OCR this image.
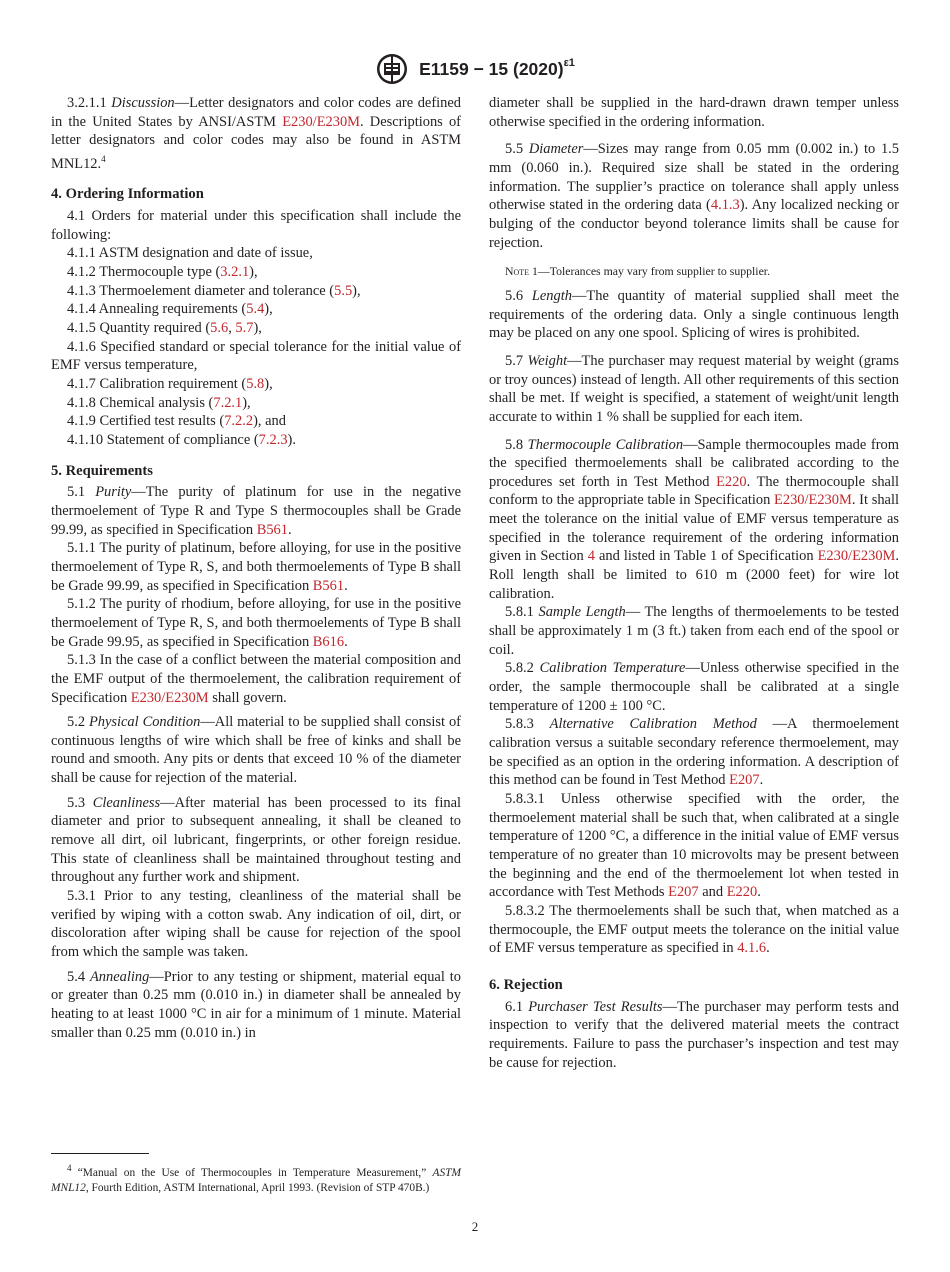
E1159 − 15 $(2020)^{\varepsilon 1}$

3.2.1.1 Discussion—Letter designators and color codes are defined in the United States by ANSI/ASTM E230/E230M. Descriptions of letter designators and color codes may also be found in ASTM MNL12.$^4$

4. Ordering Information

4.1 Orders for material under this specification shall include the following:

4.1.1 ASTM designation and date of issue,

4.1.2 Thermocouple type (3.2.1),

4.1.3 Thermoelement diameter and tolerance (5.5),

4.1.4 Annealing requirements (5.4),

4.1.5 Quantity required (5.6, 5.7),

4.1.6 Specified standard or special tolerance for the initial value of EMF versus temperature,

4.1.7 Calibration requirement (5.8),

4.1.8 Chemical analysis (7.2.1),

4.1.9 Certified test results (7.2.2), and

4.1.10 Statement of compliance (7.2.3).

5. Requirements

5.1 Purity—The purity of platinum for use in the negative thermoelement of Type R and Type S thermocouples shall be Grade 99.99, as specified in Specification B561.

5.1.1 The purity of platinum, before alloying, for use in the positive thermoelement of Type R, S, and both thermoelements of Type B shall be Grade 99.99, as specified in Specification B561.

5.1.2 The purity of rhodium, before alloying, for use in the positive thermoelement of Type R, S, and both thermoelements of Type B shall be Grade 99.95, as specified in Specification B616.

5.1.3 In the case of a conflict between the material composition and the EMF output of the thermoelement, the calibration requirement of Specification E230/E230M shall govern.

5.2 Physical Condition—All material to be supplied shall consist of continuous lengths of wire which shall be free of kinks and shall be round and smooth. Any pits or dents that exceed 10 % of the diameter shall be cause for rejection of the material.

5.3 Cleanliness—After material has been processed to its final diameter and prior to subsequent annealing, it shall be cleaned to remove all dirt, oil lubricant, fingerprints, or other foreign residue. This state of cleanliness shall be maintained throughout testing and throughout any further work and shipment.

5.3.1 Prior to any testing, cleanliness of the material shall be verified by wiping with a cotton swab. Any indication of oil, dirt, or discoloration after wiping shall be cause for rejection of the spool from which the sample was taken.

5.4 Annealing—Prior to any testing or shipment, material equal to or greater than 0.25 mm (0.010 in.) in diameter shall be annealed by heating to at least 1000 °C in air for a minimum of 1 minute. Material smaller than 0.25 mm (0.010 in.) in

diameter shall be supplied in the hard-drawn drawn temper unless otherwise specified in the ordering information.

5.5 Diameter—Sizes may range from 0.05 mm (0.002 in.) to 1.5 mm (0.060 in.). Required size shall be stated in the ordering information. The supplier’s practice on tolerance shall apply unless otherwise stated in the ordering data (4.1.3). Any localized necking or bulging of the conductor beyond tolerance limits shall be cause for rejection.

Note 1—Tolerances may vary from supplier to supplier.

5.6 Length—The quantity of material supplied shall meet the requirements of the ordering data. Only a single continuous length may be placed on any one spool. Splicing of wires is prohibited.

5.7 Weight—The purchaser may request material by weight (grams or troy ounces) instead of length. All other requirements of this section shall be met. If weight is specified, a statement of weight/unit length accurate to within 1 % shall be supplied for each item.

5.8 Thermocouple Calibration—Sample thermocouples made from the specified thermoelements shall be calibrated according to the procedures set forth in Test Method E220. The thermocouple shall conform to the appropriate table in Specification E230/E230M. It shall meet the tolerance on the initial value of EMF versus temperature as specified in the tolerance requirement of the ordering information given in Section 4 and listed in Table 1 of Specification E230/E230M. Roll length shall be limited to 610 m (2000 feet) for wire lot calibration.

5.8.1 Sample Length— The lengths of thermoelements to be tested shall be approximately 1 m (3 ft.) taken from each end of the spool or coil.

5.8.2 Calibration Temperature—Unless otherwise specified in the order, the sample thermocouple shall be calibrated at a single temperature of 1200 ± 100 °C.

5.8.3 Alternative Calibration Method —A thermoelement calibration versus a suitable secondary reference thermoelement, may be specified as an option in the ordering information. A description of this method can be found in Test Method E207.

5.8.3.1 Unless otherwise specified with the order, the thermoelement material shall be such that, when calibrated at a single temperature of 1200 °C, a difference in the initial value of EMF versus temperature of no greater than 10 microvolts may be present between the beginning and the end of the thermoelement lot when tested in accordance with Test Methods E207 and E220.

5.8.3.2 The thermoelements shall be such that, when matched as a thermocouple, the EMF output meets the tolerance on the initial value of EMF versus temperature as specified in 4.1.6.

6. Rejection

6.1 Purchaser Test Results—The purchaser may perform tests and inspection to verify that the delivered material meets the contract requirements. Failure to pass the purchaser’s inspection and test may be cause for rejection.

$^4$ “Manual on the Use of Thermocouples in Temperature Measurement,” ASTM MNL12, Fourth Edition, ASTM International, April 1993. (Revision of STP 470B.)

2
